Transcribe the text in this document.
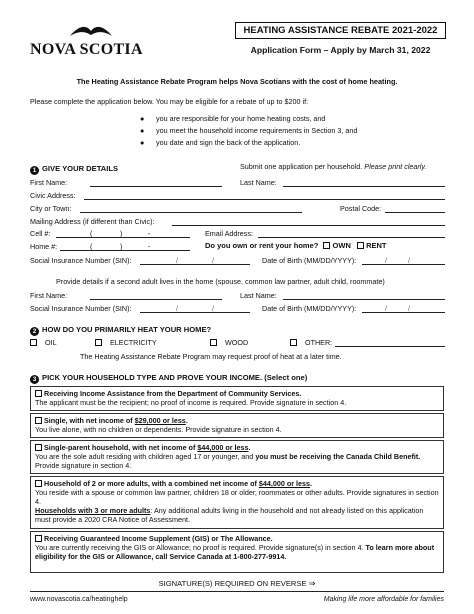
NOVA SCOTIA
HEATING ASSISTANCE REBATE 2021-2022
Application Form – Apply by March 31, 2022
The Heating Assistance Rebate Program helps Nova Scotians with the cost of home heating.
Please complete the application below. You may be eligible for a rebate of up to $200 if:
● you are responsible for your home heating costs, and
● you meet the household income requirements in Section 3, and
● you date and sign the back of the application.
1 GIVE YOUR DETAILS	Submit one application per household. Please print clearly.
First Name:	Last Name:
Civic Address:
City or Town:	Postal Code:
Mailing Address (if different than Civic):
Cell #:	(	)	-	Email Address:
Home #:	(	)	-	Do you own or rent your home? OWN RENT
Social Insurance Number (SIN):	/	/	Date of Birth (MM/DD/YYYY):	/	/
Provide details if a second adult lives in the home (spouse, common law partner, adult child, roommate)
First Name:	Last Name:
Social Insurance Number (SIN):	/	/	Date of Birth (MM/DD/YYYY):	/	/
2 HOW DO YOU PRIMARILY HEAT YOUR HOME?
OIL	ELECTRICITY	WOOD	OTHER:
The Heating Assistance Rebate Program may request proof of heat at a later time.
3 PICK YOUR HOUSEHOLD TYPE AND PROVE YOUR INCOME. (Select one)
Receiving Income Assistance from the Department of Community Services.
The applicant must be the recipient; no proof of income is required. Provide signature in section 4.
Single, with net income of $29,000 or less.
You live alone, with no children or dependents. Provide signature in section 4.
Single-parent household, with net income of $44,000 or less.
You are the sole adult residing with children aged 17 or younger, and you must be receiving the Canada Child Benefit. Provide signature in section 4.
Household of 2 or more adults, with a combined net income of $44,000 or less.
You reside with a spouse or common law partner, children 18 or older, roommates or other adults. Provide signatures in section 4.
Households with 3 or more adults: Any additional adults living in the household and not already listed on this application must provide a 2020 CRA Notice of Assessment.
Receiving Guaranteed Income Supplement (GIS) or The Allowance.
You are currently receiving the GIS or Allowance; no proof is required. Provide signature(s) in section 4. To learn more about eligibility for the GIS or Allowance, call Service Canada at 1-800-277-9914.
SIGNATURE(S) REQUIRED ON REVERSE ⇒
www.novascotia.ca/heatinghelp	Making life more affordable for families
